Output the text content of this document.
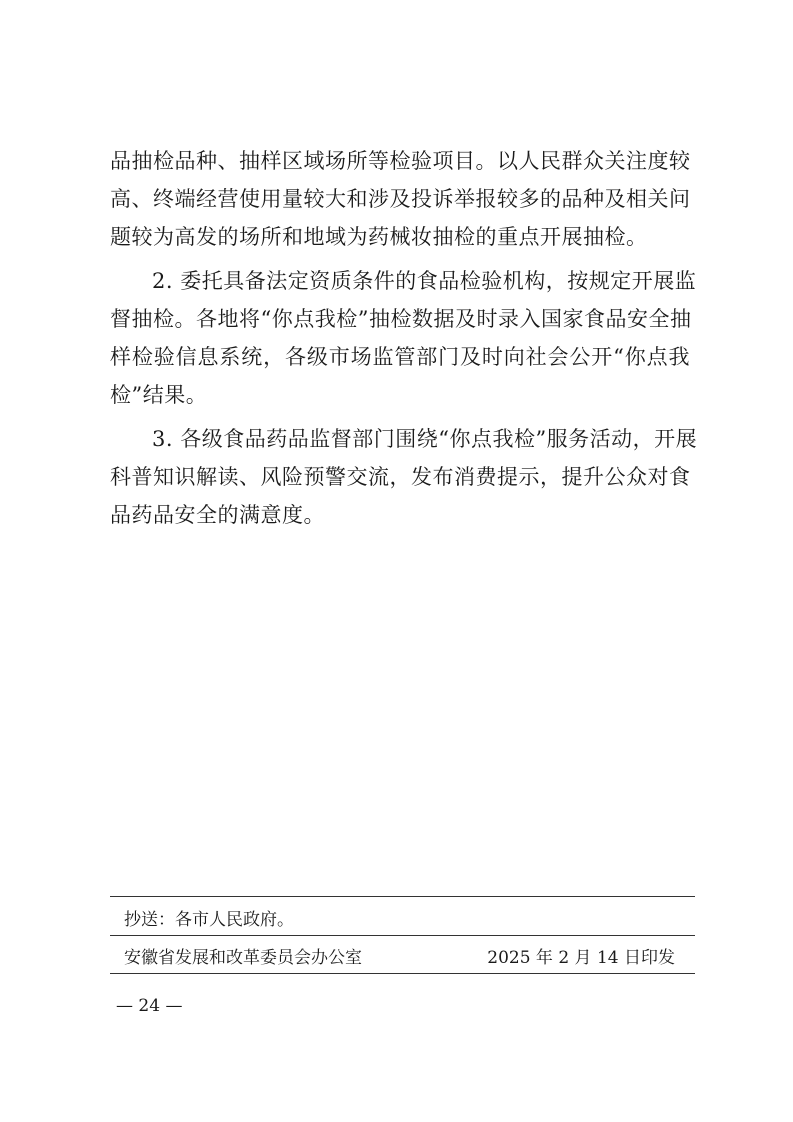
品抽检品种、抽样区域场所等检验项目。以人民群众关注度较
高、终端经营使用量较大和涉及投诉举报较多的品种及相关问
题较为高发的场所和地域为药械妆抽检的重点开展抽检。
2. 委托具备法定资质条件的食品检验机构，按规定开展监
督抽检。各地将“你点我检”抽检数据及时录入国家食品安全抽
样检验信息系统，各级市场监管部门及时向社会公开“你点我
检”结果。
3. 各级食品药品监督部门围绕“你点我检”服务活动，开展
科普知识解读、风险预警交流，发布消费提示，提升公众对食
品药品安全的满意度。
抄送：各市人民政府。
安徽省发展和改革委员会办公室	2025 年 2 月 14 日印发
— 24 —
